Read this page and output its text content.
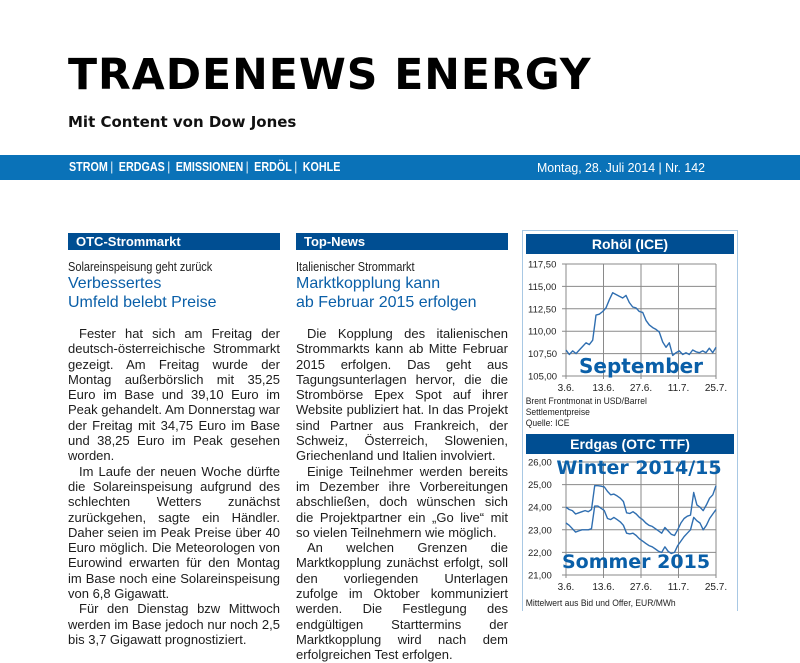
TRADENEWS ENERGY
Mit Content von Dow Jones
STROM | ERDGAS | EMISSIONEN | ERDÖL | KOHLE	Montag, 28. Juli 2014 | Nr. 142
OTC-Strommarkt
Solareinspeisung geht zurück
Verbessertes
Umfeld belebt Preise

Fester hat sich am Freitag der deutsch-österreichische Strommarkt gezeigt. Am Freitag wurde der Montag außerbörslich mit 35,25 Euro im Base und 39,10 Euro im Peak gehandelt. Am Donnerstag war der Freitag mit 34,75 Euro im Base und 38,25 Euro im Peak gesehen worden.

Im Laufe der neuen Woche dürfte die Solareinspeisung aufgrund des schlechten Wetters zunächst zurückgehen, sagte ein Händler. Daher seien im Peak Preise über 40 Euro möglich. Die Meteorologen von Eurowind erwarten für den Montag im Base noch eine Solareinspeisung von 6,8 Gigawatt.

Für den Dienstag bzw Mittwoch werden im Base jedoch nur noch 2,5 bis 3,7 Gigawatt prognostiziert.

Top-News
Italienischer Strommarkt
Marktkopplung kann
ab Februar 2015 erfolgen

Die Kopplung des italienischen Strommarkts kann ab Mitte Februar 2015 erfolgen. Das geht aus Tagungsunterlagen hervor, die die Strombörse Epex Spot auf ihrer Website publiziert hat. In das Projekt sind Partner aus Frankreich, der Schweiz, Österreich, Slowenien, Griechenland und Italien involviert.

Einige Teilnehmer werden bereits im Dezember ihre Vorbereitungen abschließen, doch wünschen sich die Projektpartner ein „Go live“ mit so vielen Teilnehmern wie möglich.

An welchen Grenzen die Marktkopplung zunächst erfolgt, soll den vorliegenden Unterlagen zufolge im Oktober kommuniziert werden. Die Festlegung des endgültigen Starttermins der Marktkopplung wird nach dem erfolgreichen Test erfolgen.

Rohöl (ICE)
105,00
107,50
110,00
112,50
115,00
117,50
3.6. 13.6. 27.6. 11.7. 25.7.
September
Brent Frontmonat in USD/Barrel
Settlementpreise
Quelle: ICE
Erdgas (OTC TTF)
21,00
22,00
23,00
24,00
25,00
26,00
3.6. 13.6. 27.6. 11.7. 25.7.
Winter 2014/15
Sommer 2015
Mittelwert aus Bid und Offer, EUR/MWh
